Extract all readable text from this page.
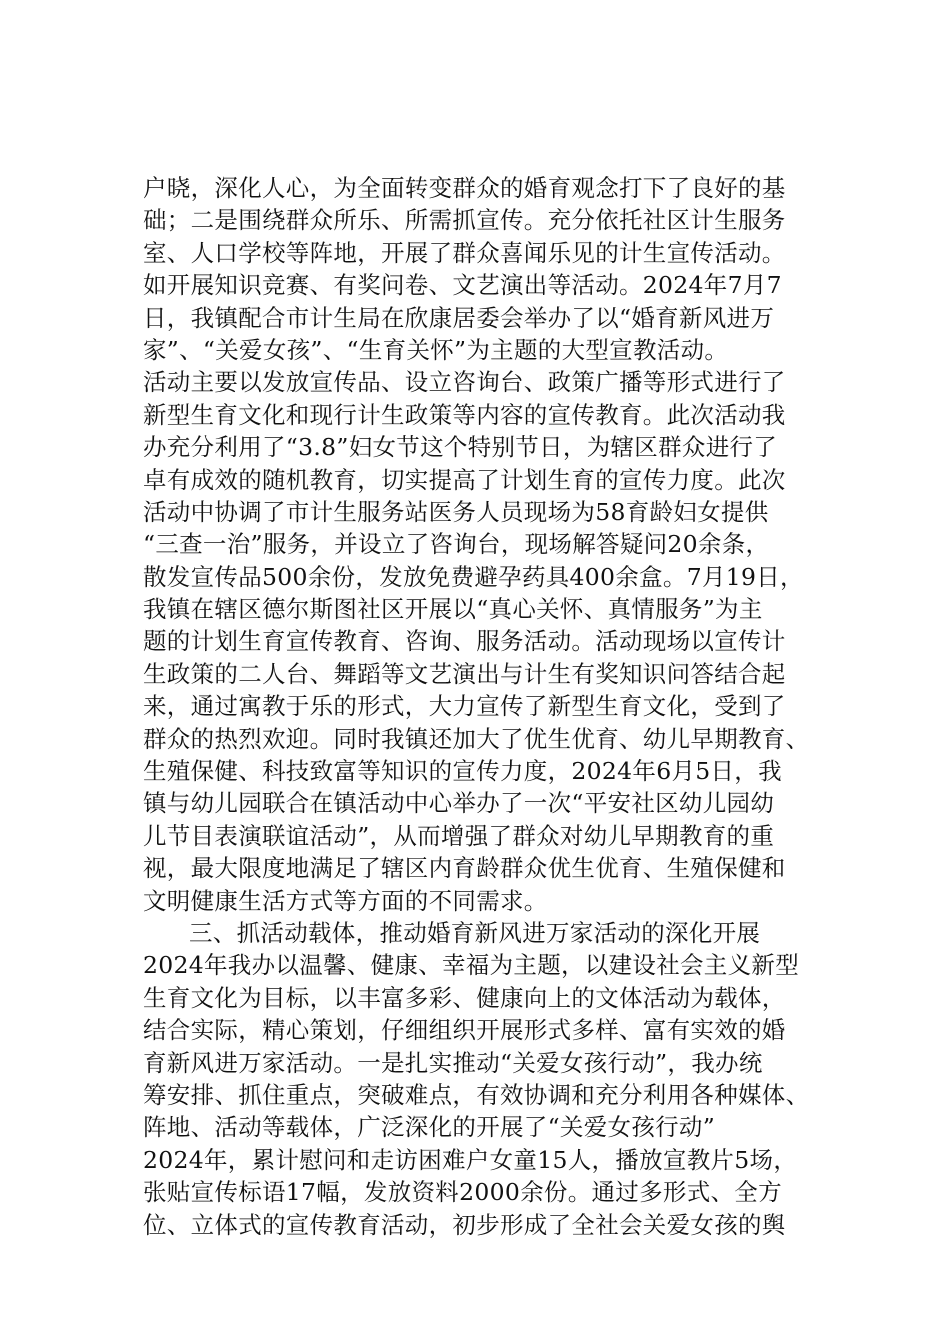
户晓，深化人心，为全面转变群众的婚育观念打下了良好的基
础；二是围绕群众所乐、所需抓宣传。充分依托社区计生服务
室、人口学校等阵地，开展了群众喜闻乐见的计生宣传活动。
如开展知识竞赛、有奖问卷、文艺演出等活动。2024年7月7
日，我镇配合市计生局在欣康居委会举办了以“婚育新风进万
家”、“关爱女孩”、“生育关怀”为主题的大型宣教活动。
活动主要以发放宣传品、设立咨询台、政策广播等形式进行了
新型生育文化和现行计生政策等内容的宣传教育。此次活动我
办充分利用了“3.8”妇女节这个特别节日，为辖区群众进行了
卓有成效的随机教育，切实提高了计划生育的宣传力度。此次
活动中协调了市计生服务站医务人员现场为58育龄妇女提供
“三查一治”服务，并设立了咨询台，现场解答疑问20余条，
散发宣传品500余份，发放免费避孕药具400余盒。7月19日，
我镇在辖区德尔斯图社区开展以“真心关怀、真情服务”为主
题的计划生育宣传教育、咨询、服务活动。活动现场以宣传计
生政策的二人台、舞蹈等文艺演出与计生有奖知识问答结合起
来，通过寓教于乐的形式，大力宣传了新型生育文化，受到了
群众的热烈欢迎。同时我镇还加大了优生优育、幼儿早期教育、
生殖保健、科技致富等知识的宣传力度，2024年6月5日，我
镇与幼儿园联合在镇活动中心举办了一次“平安社区幼儿园幼
儿节目表演联谊活动”，从而增强了群众对幼儿早期教育的重
视，最大限度地满足了辖区内育龄群众优生优育、生殖保健和
文明健康生活方式等方面的不同需求。
三、抓活动载体，推动婚育新风进万家活动的深化开展
2024年我办以温馨、健康、幸福为主题，以建设社会主义新型
生育文化为目标，以丰富多彩、健康向上的文体活动为载体，
结合实际，精心策划，仔细组织开展形式多样、富有实效的婚
育新风进万家活动。一是扎实推动“关爱女孩行动”，我办统
筹安排、抓住重点，突破难点，有效协调和充分利用各种媒体、
阵地、活动等载体，广泛深化的开展了“关爱女孩行动”
2024年，累计慰问和走访困难户女童15人，播放宣教片5场，
张贴宣传标语17幅，发放资料2000余份。通过多形式、全方
位、立体式的宣传教育活动，初步形成了全社会关爱女孩的舆
